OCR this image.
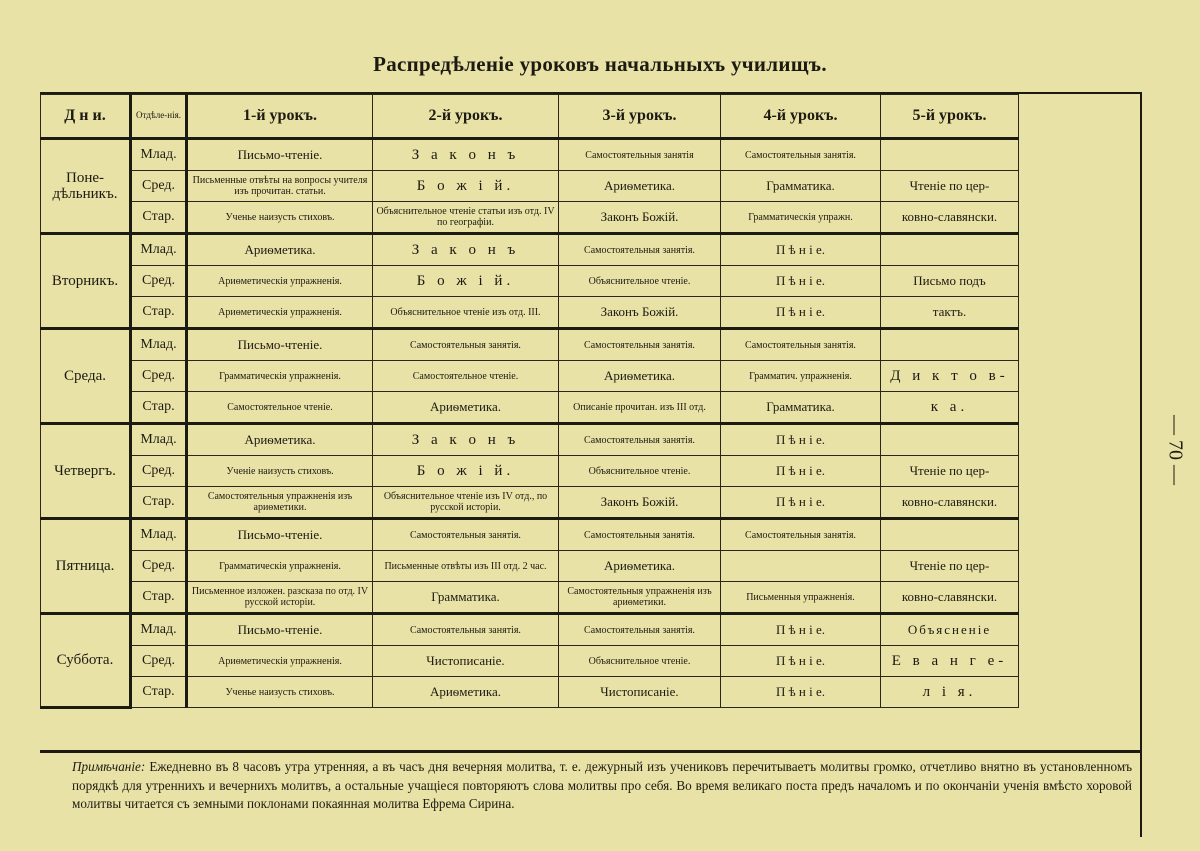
Распредѣленіе уроковъ начальныхъ училищъ.
Д н и.	Отдѣле-нія.	1-й урокъ.	2-й урокъ.	3-й урокъ.	4-й урокъ.	5-й урокъ.
Поне-дѣльникъ.	Млад.	Письмо-чтеніе.	З а к о н ъ	Самостоятельныя занятія	Самостоятельныя занятія.	
	Сред.	Письменные отвѣты на вопросы учителя изъ прочитан. статьи.	Б о ж і й.	Ариѳметика.	Грамматика.	Чтеніе по цер-
	Стар.	Ученье наизусть стиховъ.	Объяснительное чтеніе статьи изъ отд. IV по географіи.	Законъ Божій.	Грамматическія упражн.	ковно-славянски.
Вторникъ.	Млад.	Ариѳметика.	З а к о н ъ	Самостоятельныя занятія.	П ѣ н і е.	
	Сред.	Ариѳметическія упражненія.	Б о ж і й.	Объяснительное чтеніе.	П ѣ н і е.	Письмо подъ
	Стар.	Ариѳметическія упражненія.	Объяснительное чтеніе изъ отд. III.	Законъ Божій.	П ѣ н і е.	тактъ.
Среда.	Млад.	Письмо-чтеніе.	Самостоятельныя занятія.	Самостоятельныя занятія.	Самостоятельныя занятія.	
	Сред.	Грамматическія упражненія.	Самостоятельное чтеніе.	Ариѳметика.	Грамматич. упражненія.	Д и к т о в-
	Стар.	Самостоятельное чтеніе.	Ариѳметика.	Описаніе прочитан. изъ III отд.	Грамматика.	к а.
Четвергъ.	Млад.	Ариѳметика.	З а к о н ъ	Самостоятельныя занятія.	П ѣ н і е.	
	Сред.	Ученіе наизусть стиховъ.	Б о ж і й.	Объяснительное чтеніе.	П ѣ н і е.	Чтеніе по цер-
	Стар.	Самостоятельныя упражненія изъ ариѳметики.	Объяснительное чтеніе изъ IV отд., по русской исторіи.	Законъ Божій.	П ѣ н і е.	ковно-славянски.
Пятница.	Млад.	Письмо-чтеніе.	Самостоятельныя занятія.	Самостоятельныя занятія.	Самостоятельныя занятія.	
	Сред.	Грамматическія упражненія.	Письменные отвѣты изъ III отд. 2 час.	Ариѳметика.		Чтеніе по цер-
	Стар.	Письменное изложен. разсказа по отд. IV русской исторіи.	Грамматика.	Самостоятельныя упражненія изъ ариѳметики.	Письменныя упражненія.	ковно-славянски.
Суббота.	Млад.	Письмо-чтеніе.	Самостоятельныя занятія.	Самостоятельныя занятія.	П ѣ н і е.	Объясненіе
	Сред.	Ариѳметическія упражненія.	Чистописаніе.	Объяснительное чтеніе.	П ѣ н і е.	Е в а н г е-
	Стар.	Ученье наизусть стиховъ.	Ариѳметика.	Чистописаніе.	П ѣ н і е.	л і я.
Примѣчаніе: Ежедневно въ 8 часовъ утра утренняя, а въ часъ дня вечерняя молитва, т. е. дежурный изъ учениковъ перечитываетъ молитвы громко, отчетливо внятно въ установленномъ порядкѣ для утреннихъ и вечернихъ молитвъ, а остальные учащіеся повторяютъ слова молитвы про себя. Во время великаго поста предъ началомъ и по окончаніи ученія вмѣсто хоровой молитвы читается съ земными поклонами покаянная молитва Ефрема Сирина.
— 70 —
